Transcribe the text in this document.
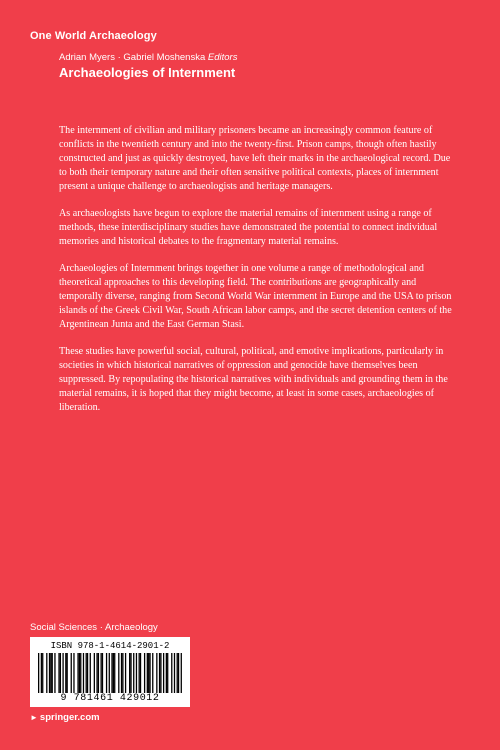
One World Archaeology
Adrian Myers · Gabriel Moshenska Editors
Archaeologies of Internment

The internment of civilian and military prisoners became an increasingly common feature of conflicts in the twentieth century and into the twenty-first. Prison camps, though often hastily constructed and just as quickly destroyed, have left their marks in the archaeological record. Due to both their temporary nature and their often sensitive political contexts, places of internment present a unique challenge to archaeologists and heritage managers.

As archaeologists have begun to explore the material remains of internment using a range of methods, these interdisciplinary studies have demonstrated the potential to connect individual memories and historical debates to the fragmentary material remains.

Archaeologies of Internment brings together in one volume a range of methodological and theoretical approaches to this developing field. The contributions are geographically and temporally diverse, ranging from Second World War internment in Europe and the USA to prison islands of the Greek Civil War, South African labor camps, and the secret detention centers of the Argentinean Junta and the East German Stasi.

These studies have powerful social, cultural, political, and emotive implications, particularly in societies in which historical narratives of oppression and genocide have themselves been suppressed. By repopulating the historical narratives with individuals and grounding them in the material remains, it is hoped that they might become, at least in some cases, archaeologies of liberation.

Social Sciences · Archaeology
ISBN 978-1-4614-2901-2
9 781461 429012
► springer.com
